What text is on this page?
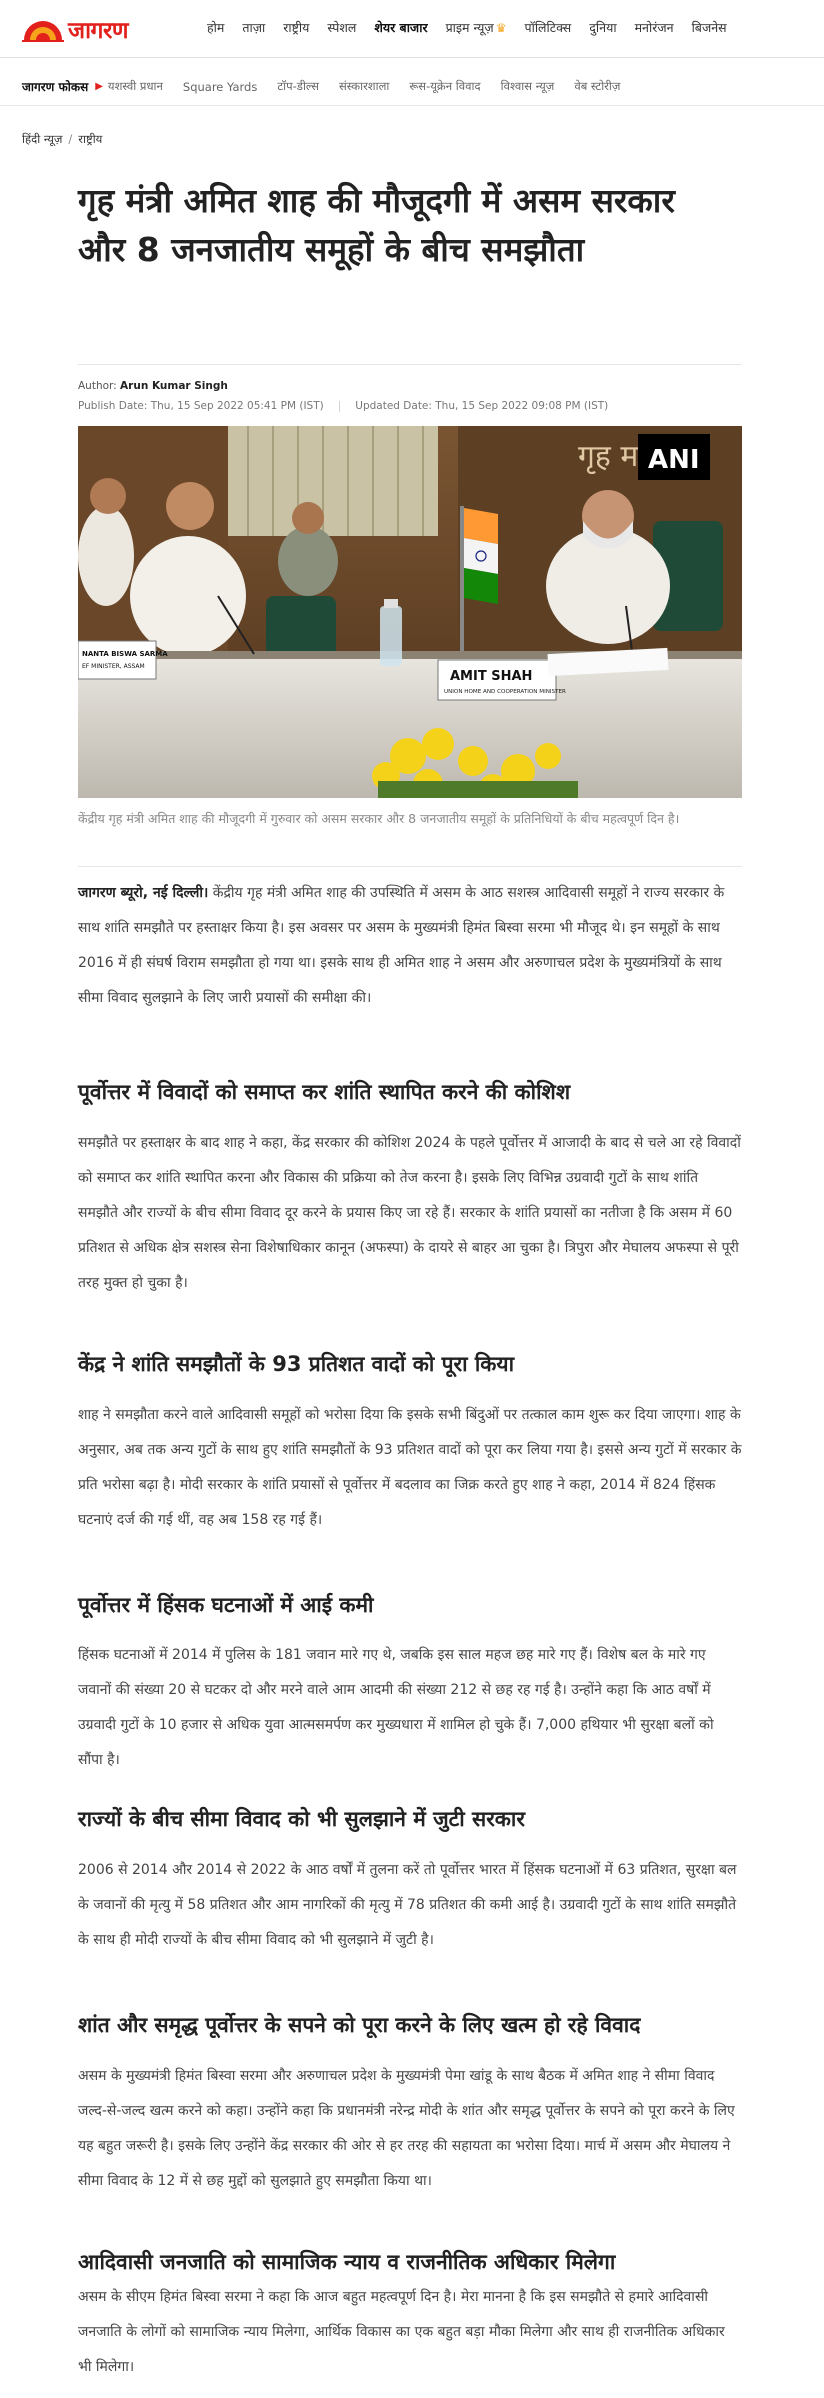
जागरण	होम	ताज़ा	राष्ट्रीय	स्पेशल	शेयर बाजार	प्राइम न्यूज़ ♛	पॉलिटिक्स	दुनिया	मनोरंजन	बिजनेस
जागरण फोकस ▶ यशस्वी प्रधान Square Yards टॉप-डील्स संस्कारशाला रूस-यूक्रेन विवाद विश्वास न्यूज़ वेब स्टोरीज़
हिंदी न्यूज़ / राष्ट्रीय
गृह मंत्री अमित शाह की मौजूदगी में असम सरकार और 8 जनजातीय समूहों के बीच समझौता
Author: Arun Kumar Singh
Publish Date: Thu, 15 Sep 2022 05:41 PM (IST) | Updated Date: Thu, 15 Sep 2022 09:08 PM (IST)
NANTA BISWA SARMA
EF MINISTER, ASSAM
AMIT SHAH
UNION HOME AND COOPERATION MINISTER
गृह म ANI
केंद्रीय गृह मंत्री अमित शाह की मौजूदगी में गुरुवार को असम सरकार और 8 जनजातीय समूहों के प्रतिनिधियों के बीच महत्वपूर्ण दिन है।

जागरण ब्यूरो, नई दिल्ली। केंद्रीय गृह मंत्री अमित शाह की उपस्थिति में असम के आठ सशस्त्र आदिवासी समूहों ने राज्य सरकार के साथ शांति समझौते पर हस्ताक्षर किया है। इस अवसर पर असम के मुख्यमंत्री हिमंत बिस्वा सरमा भी मौजूद थे। इन समूहों के साथ 2016 में ही संघर्ष विराम समझौता हो गया था। इसके साथ ही अमित शाह ने असम और अरुणाचल प्रदेश के मुख्यमंत्रियों के साथ सीमा विवाद सुलझाने के लिए जारी प्रयासों की समीक्षा की।

पूर्वोत्तर में विवादों को समाप्त कर शांति स्थापित करने की कोशिश

समझौते पर हस्ताक्षर के बाद शाह ने कहा, केंद्र सरकार की कोशिश 2024 के पहले पूर्वोत्तर में आजादी के बाद से चले आ रहे विवादों को समाप्त कर शांति स्थापित करना और विकास की प्रक्रिया को तेज करना है। इसके लिए विभिन्न उग्रवादी गुटों के साथ शांति समझौते और राज्यों के बीच सीमा विवाद दूर करने के प्रयास किए जा रहे हैं। सरकार के शांति प्रयासों का नतीजा है कि असम में 60 प्रतिशत से अधिक क्षेत्र सशस्त्र सेना विशेषाधिकार कानून (अफस्पा) के दायरे से बाहर आ चुका है। त्रिपुरा और मेघालय अफस्पा से पूरी तरह मुक्त हो चुका है।

केंद्र ने शांति समझौतों के 93 प्रतिशत वादों को पूरा किया

शाह ने समझौता करने वाले आदिवासी समूहों को भरोसा दिया कि इसके सभी बिंदुओं पर तत्काल काम शुरू कर दिया जाएगा। शाह के अनुसार, अब तक अन्य गुटों के साथ हुए शांति समझौतों के 93 प्रतिशत वादों को पूरा कर लिया गया है। इससे अन्य गुटों में सरकार के प्रति भरोसा बढ़ा है। मोदी सरकार के शांति प्रयासों से पूर्वोत्तर में बदलाव का जिक्र करते हुए शाह ने कहा, 2014 में 824 हिंसक घटनाएं दर्ज की गई थीं, वह अब 158 रह गई हैं।

पूर्वोत्तर में हिंसक घटनाओं में आई कमी

हिंसक घटनाओं में 2014 में पुलिस के 181 जवान मारे गए थे, जबकि इस साल महज छह मारे गए हैं। विशेष बल के मारे गए जवानों की संख्या 20 से घटकर दो और मरने वाले आम आदमी की संख्या 212 से छह रह गई है। उन्होंने कहा कि आठ वर्षों में उग्रवादी गुटों के 10 हजार से अधिक युवा आत्मसमर्पण कर मुख्यधारा में शामिल हो चुके हैं। 7,000 हथियार भी सुरक्षा बलों को सौंपा है।

राज्यों के बीच सीमा विवाद को भी सुलझाने में जुटी सरकार

2006 से 2014 और 2014 से 2022 के आठ वर्षों में तुलना करें तो पूर्वोत्तर भारत में हिंसक घटनाओं में 63 प्रतिशत, सुरक्षा बल के जवानों की मृत्यु में 58 प्रतिशत और आम नागरिकों की मृत्यु में 78 प्रतिशत की कमी आई है। उग्रवादी गुटों के साथ शांति समझौते के साथ ही मोदी राज्यों के बीच सीमा विवाद को भी सुलझाने में जुटी है।

शांत और समृद्ध पूर्वोत्तर के सपने को पूरा करने के लिए खत्म हो रहे विवाद

असम के मुख्यमंत्री हिमंत बिस्वा सरमा और अरुणाचल प्रदेश के मुख्यमंत्री पेमा खांडू के साथ बैठक में अमित शाह ने सीमा विवाद जल्द-से-जल्द खत्म करने को कहा। उन्होंने कहा कि प्रधानमंत्री नरेन्द्र मोदी के शांत और समृद्ध पूर्वोत्तर के सपने को पूरा करने के लिए यह बहुत जरूरी है। इसके लिए उन्होंने केंद्र सरकार की ओर से हर तरह की सहायता का भरोसा दिया। मार्च में असम और मेघालय ने सीमा विवाद के 12 में से छह मुद्दों को सुलझाते हुए समझौता किया था।

आदिवासी जनजाति को सामाजिक न्याय व राजनीतिक अधिकार मिलेगा

असम के सीएम हिमंत बिस्वा सरमा ने कहा कि आज बहुत महत्वपूर्ण दिन है। मेरा मानना है कि इस समझौते से हमारे आदिवासी जनजाति के लोगों को सामाजिक न्याय मिलेगा, आर्थिक विकास का एक बहुत बड़ा मौका मिलेगा और साथ ही राजनीतिक अधिकार भी मिलेगा।
